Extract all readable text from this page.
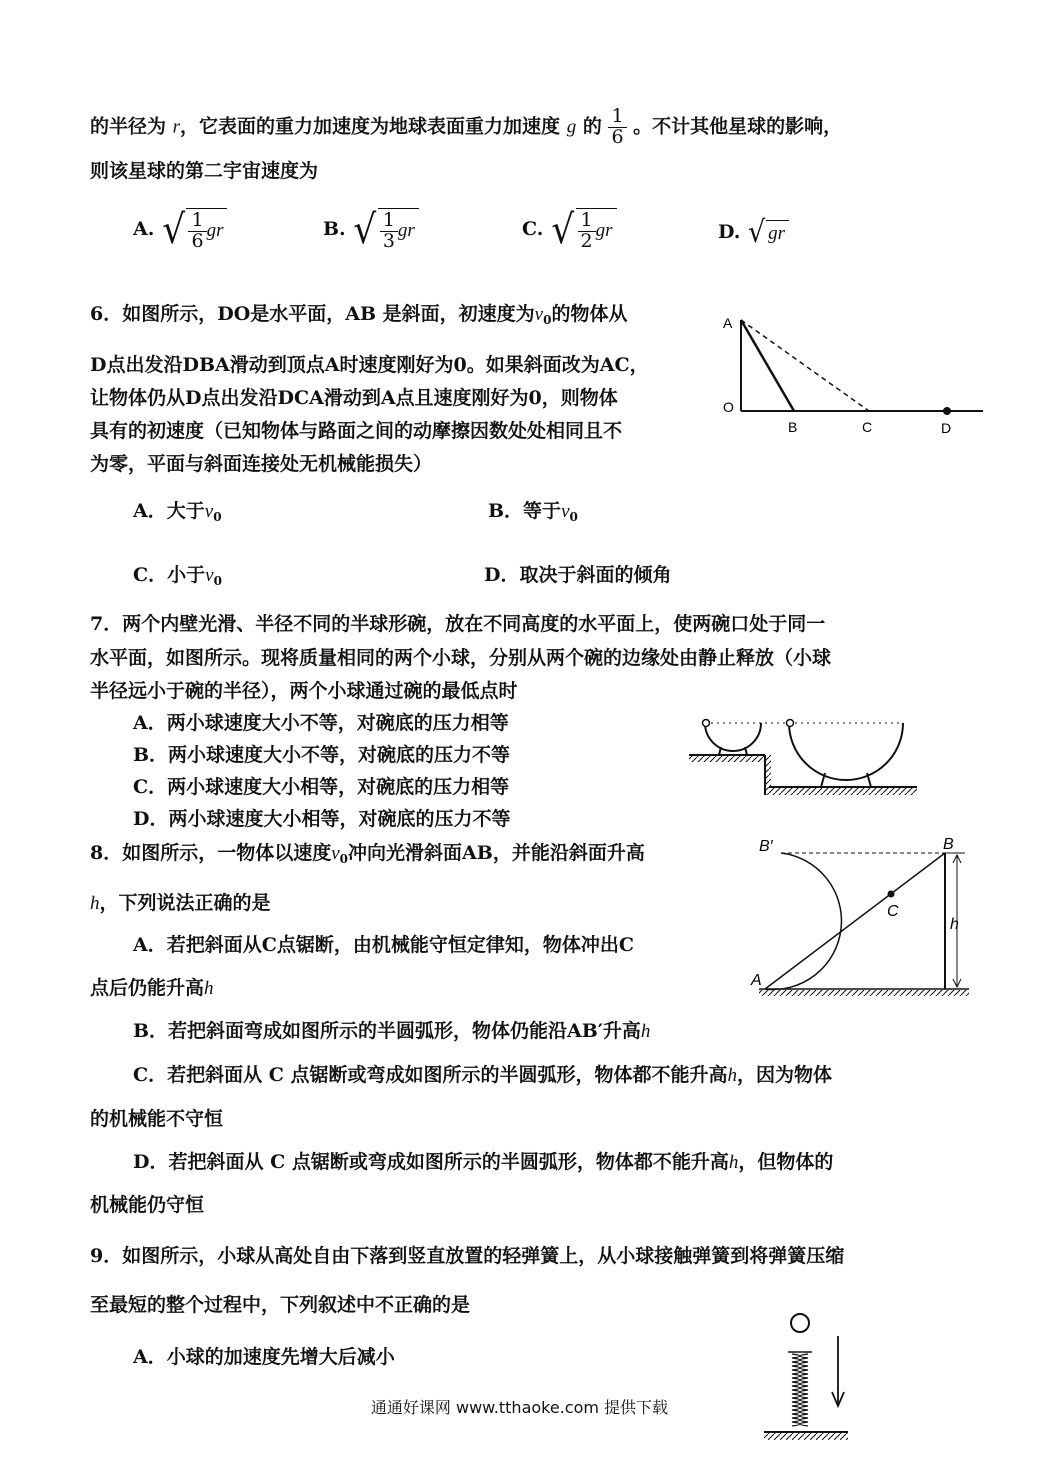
的半径为 r，它表面的重力加速度为地球表面重力加速度 g 的 $\frac{1}{6}$ 。不计其他星球的影响，
则该星球的第二宇宙速度为
A. √ $\frac{1}{6}$ gr	B. √ $\frac{1}{3}$ gr	C. √ $\frac{1}{2}$ gr	D. √ gr
6．如图所示，DO是水平面，AB 是斜面，初速度为$v_0$的物体从
D点出发沿DBA滑动到顶点A时速度刚好为0。如果斜面改为AC，
让物体仍从D点出发沿DCA滑动到A点且速度刚好为0，则物体
具有的初速度（已知物体与路面之间的动摩擦因数处处相同且不
为零，平面与斜面连接处无机械能损失）
A．大于$v_0$	B．等于$v_0$
C．小于$v_0$	D．取决于斜面的倾角
A
O
B	C	D
7．两个内壁光滑、半径不同的半球形碗，放在不同高度的水平面上，使两碗口处于同一
水平面，如图所示。现将质量相同的两个小球，分别从两个碗的边缘处由静止释放（小球
半径远小于碗的半径），两个小球通过碗的最低点时
A．两小球速度大小不等，对碗底的压力相等
B．两小球速度大小不等，对碗底的压力不等
C．两小球速度大小相等，对碗底的压力相等
D．两小球速度大小相等，对碗底的压力不等
8．如图所示，一物体以速度$v_0$冲向光滑斜面AB，并能沿斜面升高
h，下列说法正确的是
A．若把斜面从C点锯断，由机械能守恒定律知，物体冲出C
点后仍能升高h
B．若把斜面弯成如图所示的半圆弧形，物体仍能沿AB′升高h
C．若把斜面从 C 点锯断或弯成如图所示的半圆弧形，物体都不能升高h，因为物体
的机械能不守恒
D．若把斜面从 C 点锯断或弯成如图所示的半圆弧形，物体都不能升高h，但物体的
机械能仍守恒
B′	B
C
h
A
9．如图所示，小球从高处自由下落到竖直放置的轻弹簧上，从小球接触弹簧到将弹簧压缩
至最短的整个过程中，下列叙述中不正确的是
A．小球的加速度先增大后减小
通通好课网 www.tthaoke.com 提供下载
